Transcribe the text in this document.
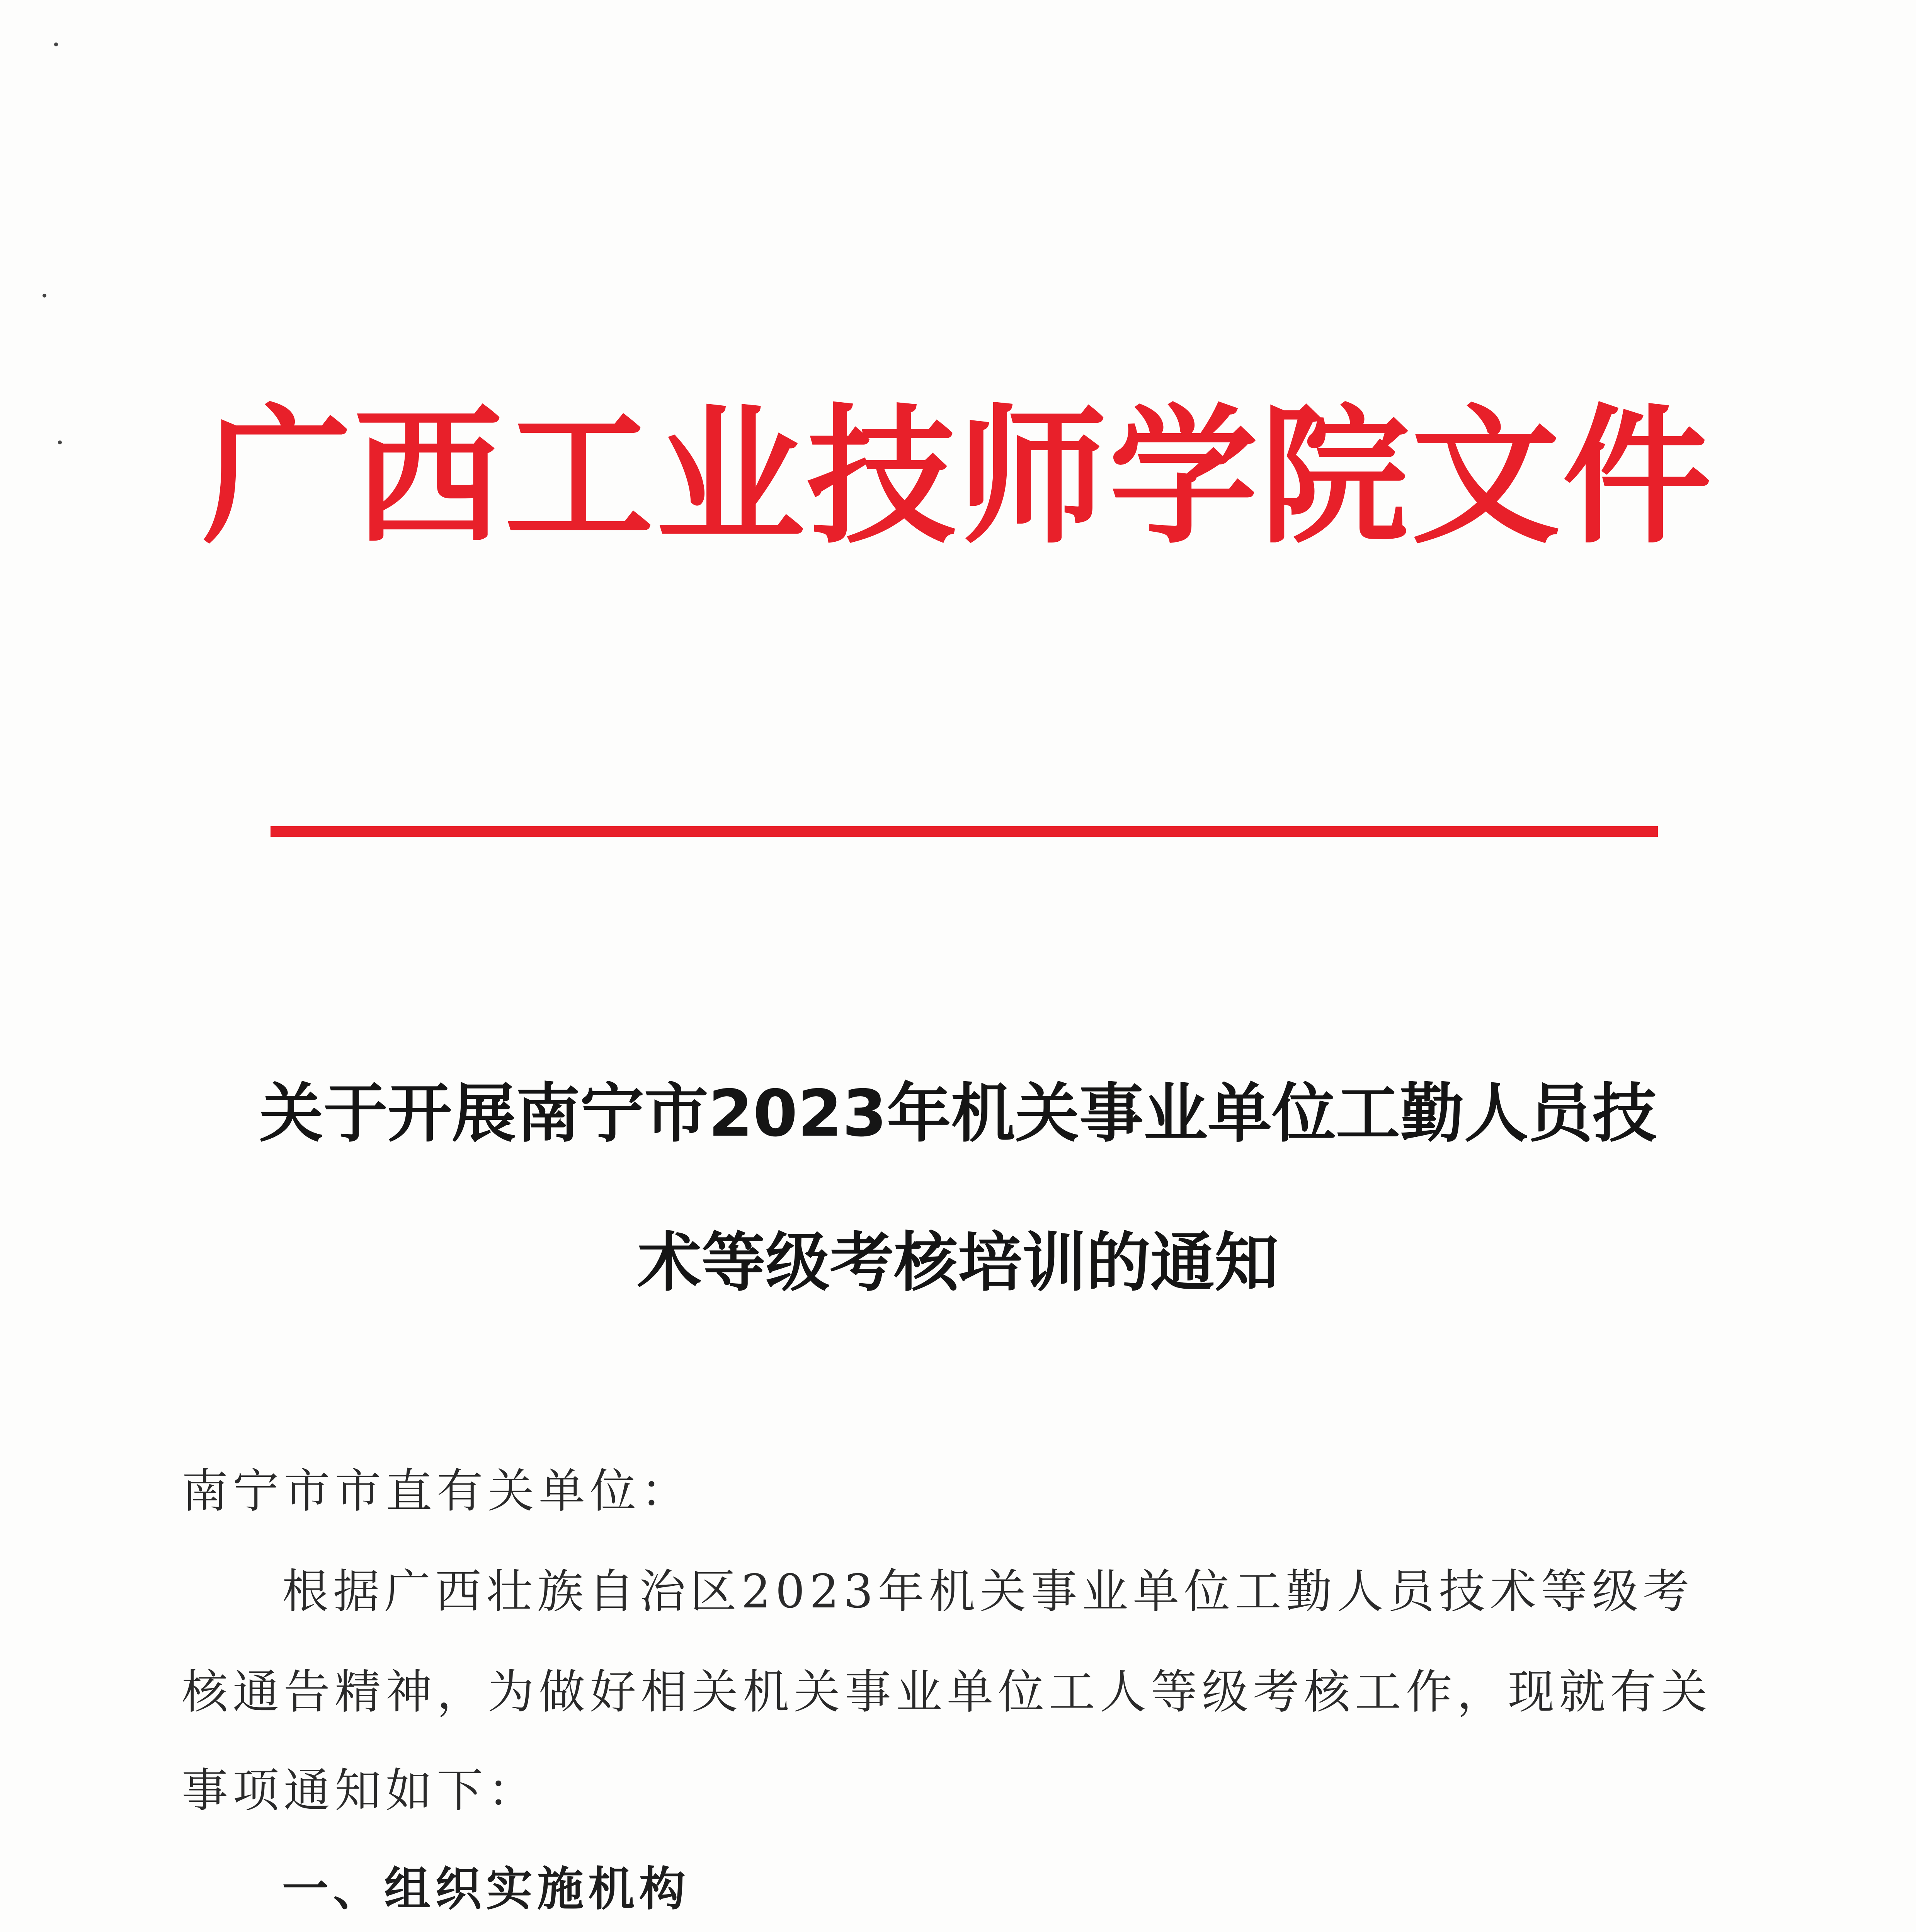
广西工业技师学院文件
关于开展南宁市2023年机关事业单位工勤人员技
术等级考核培训的通知
南宁市市直有关单位：
根据广西壮族自治区2023年机关事业单位工勤人员技术等级考
核通告精神，为做好相关机关事业单位工人等级考核工作，现就有关
事项通知如下：
一、组织实施机构
